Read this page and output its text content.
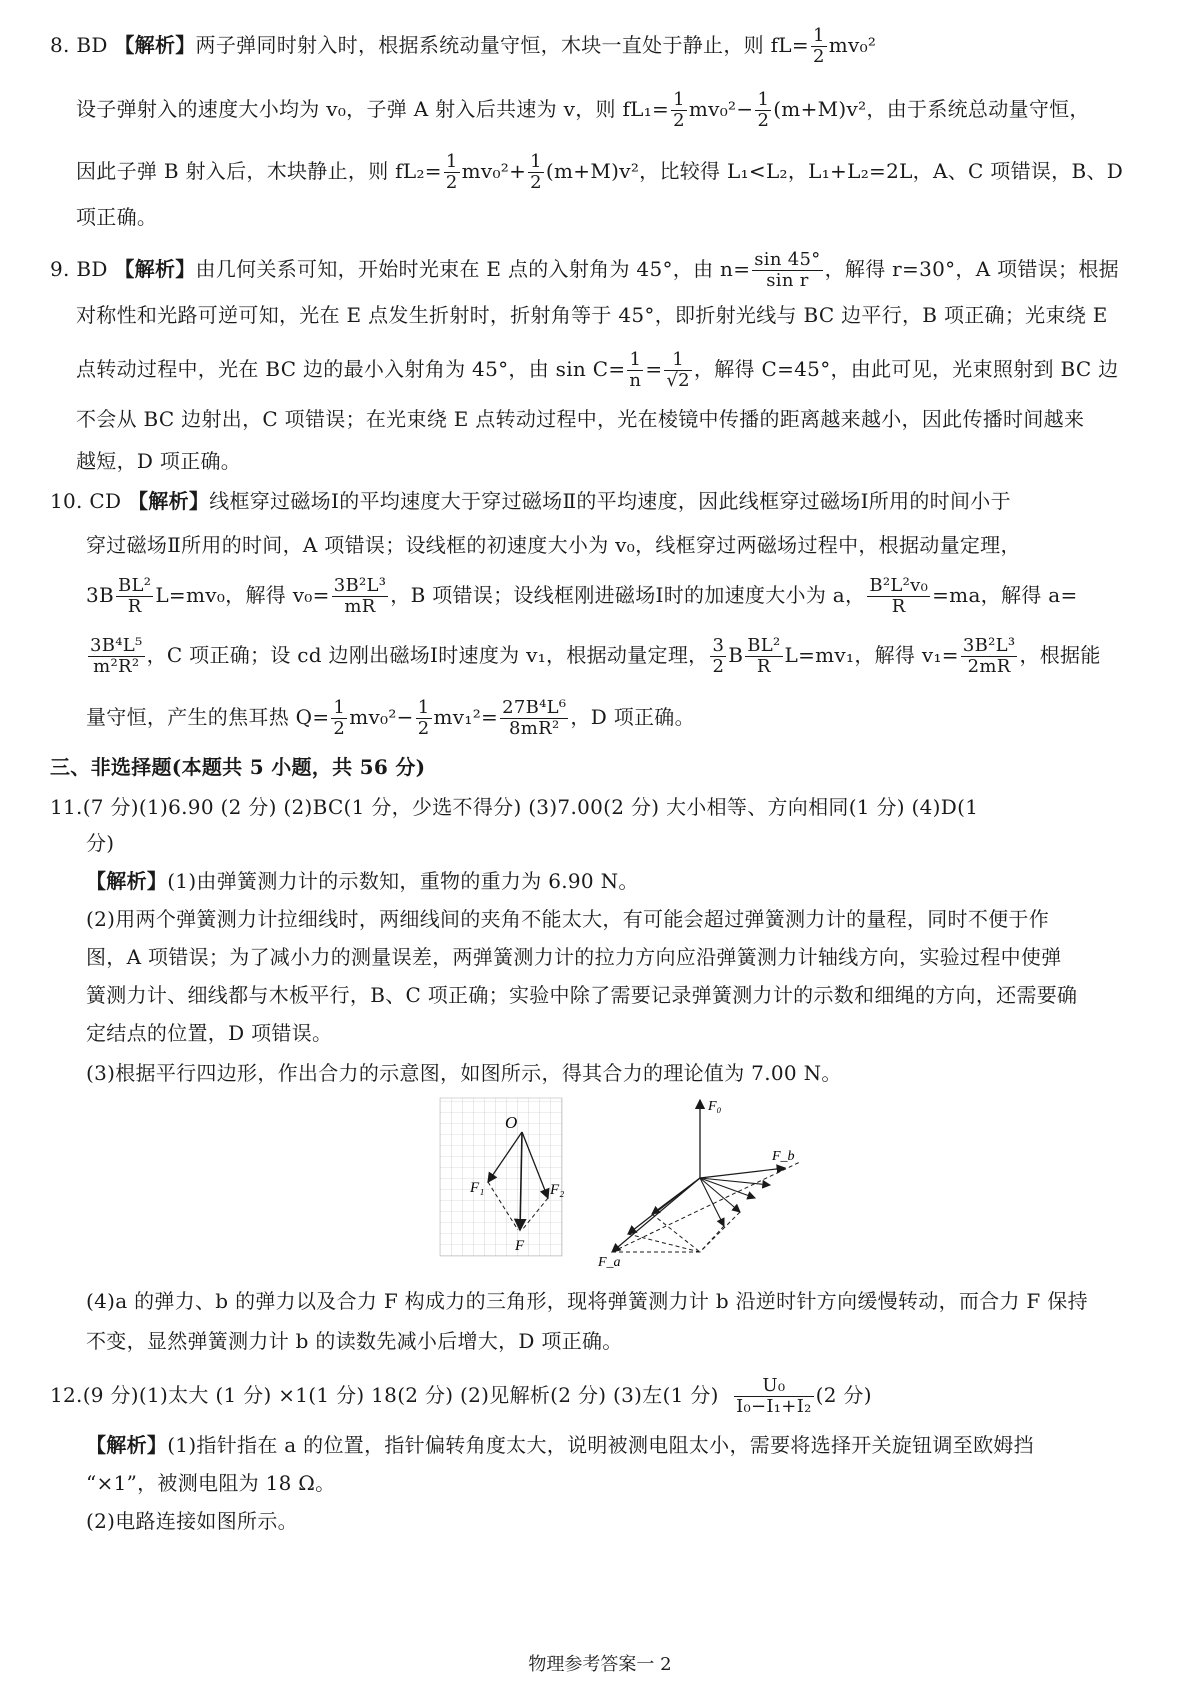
8. BD 【解析】两子弹同时射入时，根据系统动量守恒，木块一直处于静止，则 $fL= \frac{1}{2} mv_0^2$
设子弹射入的速度大小均为 v₀，子弹 A 射入后共速为 v，则 $fL_1= \frac{1}{2} mv_0^2- \frac{1}{2} (m+M)v^2$，由于系统总动量守恒，
因此子弹 B 射入后，木块静止，则 $fL_2= \frac{1}{2} mv_0^2+ \frac{1}{2} (m+M)v^2$，比较得 L₁<L₂，L₁+L₂=2L，A、C 项错误，B、D
项正确。
9. BD 【解析】由几何关系可知，开始时光束在 E 点的入射角为 45°，由 $n= \frac{\sin 45^\circ}{\text{sin r}}$ ，解得 r=30°，A 项错误；根据
对称性和光路可逆可知，光在 E 点发生折射时，折射角等于 45°，即折射光线与 BC 边平行，B 项正确；光束绕 E
点转动过程中，光在 BC 边的最小入射角为 45°，由 $\sin C= \frac{1}{n} = \frac{1}{√2}$ ，解得 C=45°，由此可见，光束照射到 BC 边
不会从 BC 边射出，C 项错误；在光束绕 E 点转动过程中，光在棱镜中传播的距离越来越小，因此传播时间越来
越短，D 项正确。
10. CD 【解析】线框穿过磁场Ⅰ的平均速度大于穿过磁场Ⅱ的平均速度，因此线框穿过磁场Ⅰ所用的时间小于
穿过磁场Ⅱ所用的时间，A 项错误；设线框的初速度大小为 v₀，线框穿过两磁场过程中，根据动量定理，
$3B \frac{\text{BL²}}{R} L=mv_0$，解得 $v_0= \frac{\text{3B²L³}}{mR}$ ，B 项错误；设线框刚进磁场Ⅰ时的加速度大小为 a， $\frac{\text{B²L²v₀}}{R} =ma$，解得 a=
$\frac{\text{3B⁴L⁵}}{\text{m²R²}}$ ，C 项正确；设 cd 边刚出磁场Ⅰ时速度为 v₁，根据动量定理， $\frac{3}{2}$ B $\frac{\text{BL²}}{R} L=mv_1$，解得 $v_1= \frac{\text{3B²L³}}{2mR}$ ，根据能
量守恒，产生的焦耳热 $Q= \frac{1}{2} mv_0^2- \frac{1}{2} mv_1^2= \frac{\text{27B⁴L⁶}}{\text{8mR²}}$ ，D 项正确。
三、非选择题(本题共 5 小题，共 56 分)
11.(7 分)(1)6.90 (2 分) (2)BC(1 分，少选不得分) (3)7.00(2 分) 大小相等、方向相同(1 分) (4)D(1
分)
【解析】(1)由弹簧测力计的示数知，重物的重力为 6.90 N。
(2)用两个弹簧测力计拉细线时，两细线间的夹角不能太大，有可能会超过弹簧测力计的量程，同时不便于作
图，A 项错误；为了减小力的测量误差，两弹簧测力计的拉力方向应沿弹簧测力计轴线方向，实验过程中使弹
簧测力计、细线都与木板平行，B、C 项正确；实验中除了需要记录弹簧测力计的示数和细绳的方向，还需要确
定结点的位置，D 项错误。
(3)根据平行四边形，作出合力的示意图，如图所示，得其合力的理论值为 7.00 N。
O
F₁	F₂
F
F₀
F_b
F_a
(4)a 的弹力、b 的弹力以及合力 F 构成力的三角形，现将弹簧测力计 b 沿逆时针方向缓慢转动，而合力 F 保持
不变，显然弹簧测力计 b 的读数先减小后增大，D 项正确。
12.(9 分)(1)太大 (1 分) ×1(1 分) 18(2 分) (2)见解析(2 分) (3)左(1 分) $\frac{\text{U₀}}{\text{I₀−I₁+I₂}} (2$ 分)
【解析】(1)指针指在 a 的位置，指针偏转角度太大，说明被测电阻太小，需要将选择开关旋钮调至欧姆挡
“×1”，被测电阻为 18 Ω。
(2)电路连接如图所示。
物理参考答案一 2
